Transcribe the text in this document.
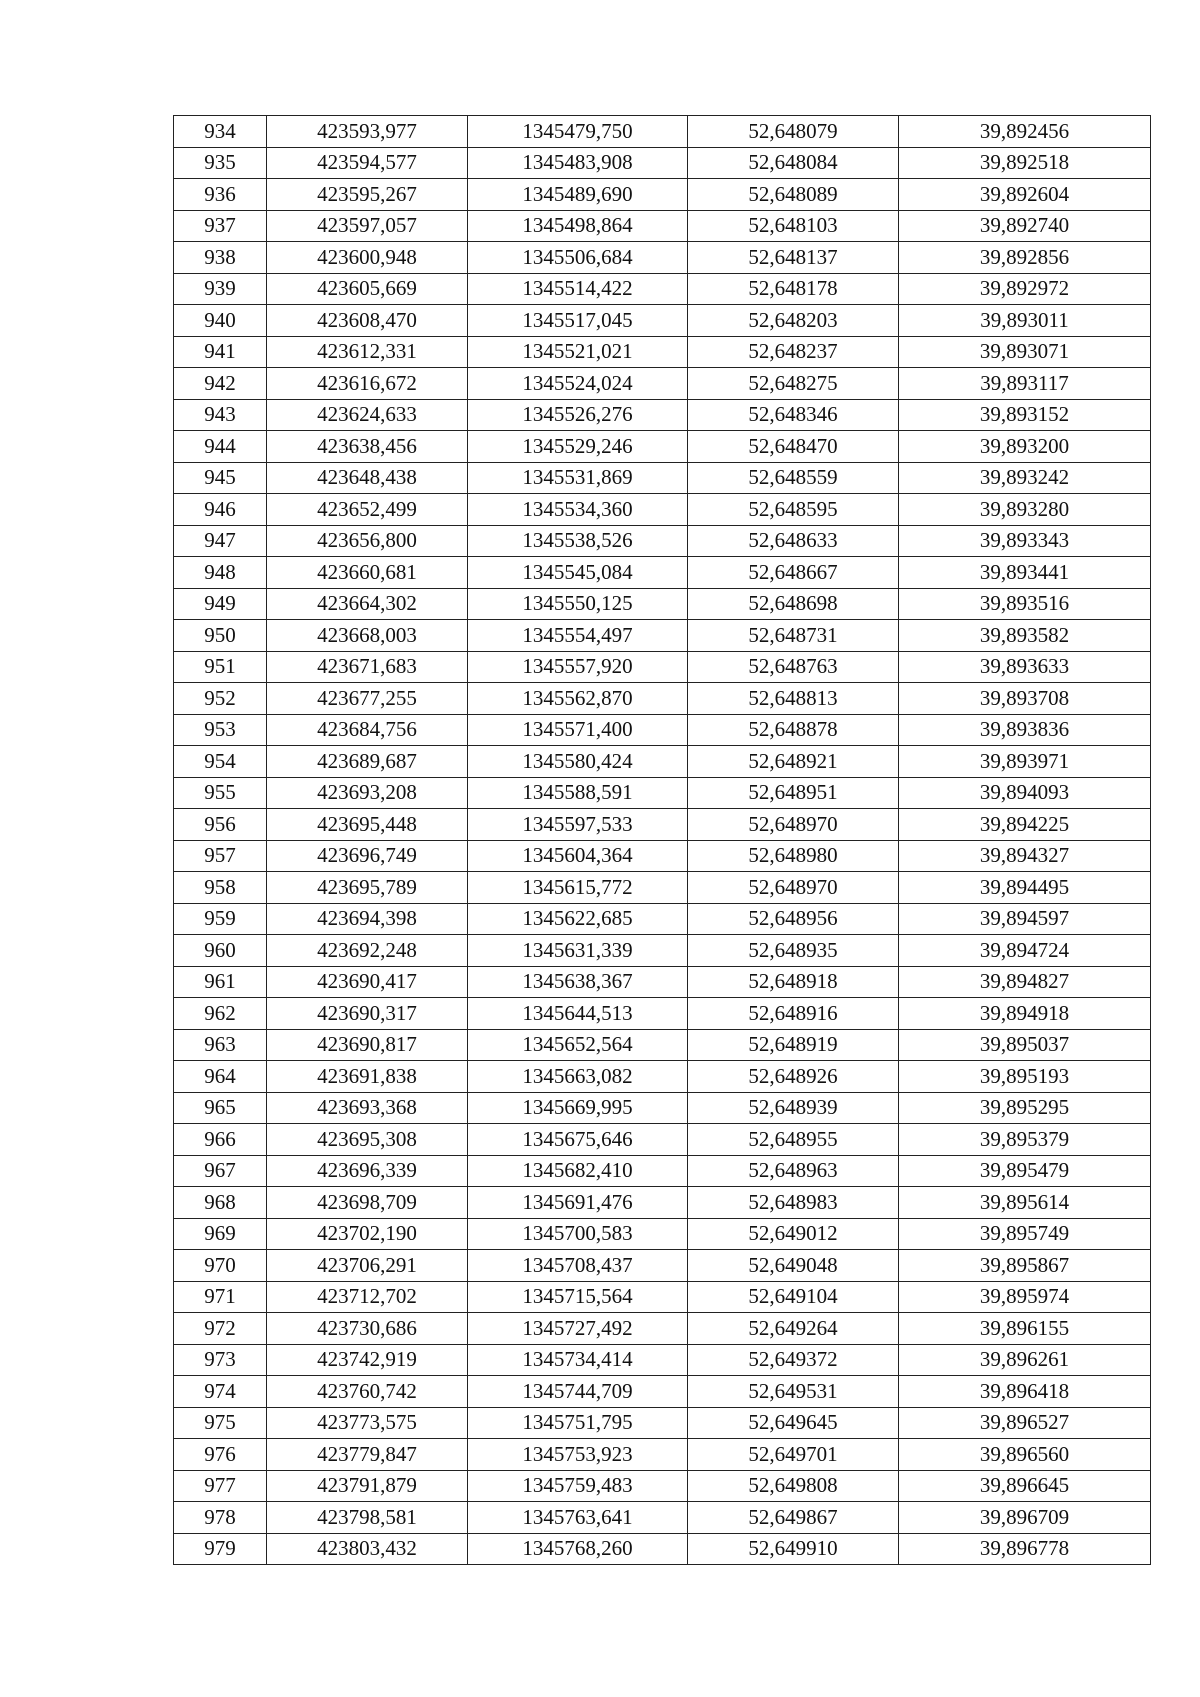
934	423593,977	1345479,750	52,648079	39,892456
935	423594,577	1345483,908	52,648084	39,892518
936	423595,267	1345489,690	52,648089	39,892604
937	423597,057	1345498,864	52,648103	39,892740
938	423600,948	1345506,684	52,648137	39,892856
939	423605,669	1345514,422	52,648178	39,892972
940	423608,470	1345517,045	52,648203	39,893011
941	423612,331	1345521,021	52,648237	39,893071
942	423616,672	1345524,024	52,648275	39,893117
943	423624,633	1345526,276	52,648346	39,893152
944	423638,456	1345529,246	52,648470	39,893200
945	423648,438	1345531,869	52,648559	39,893242
946	423652,499	1345534,360	52,648595	39,893280
947	423656,800	1345538,526	52,648633	39,893343
948	423660,681	1345545,084	52,648667	39,893441
949	423664,302	1345550,125	52,648698	39,893516
950	423668,003	1345554,497	52,648731	39,893582
951	423671,683	1345557,920	52,648763	39,893633
952	423677,255	1345562,870	52,648813	39,893708
953	423684,756	1345571,400	52,648878	39,893836
954	423689,687	1345580,424	52,648921	39,893971
955	423693,208	1345588,591	52,648951	39,894093
956	423695,448	1345597,533	52,648970	39,894225
957	423696,749	1345604,364	52,648980	39,894327
958	423695,789	1345615,772	52,648970	39,894495
959	423694,398	1345622,685	52,648956	39,894597
960	423692,248	1345631,339	52,648935	39,894724
961	423690,417	1345638,367	52,648918	39,894827
962	423690,317	1345644,513	52,648916	39,894918
963	423690,817	1345652,564	52,648919	39,895037
964	423691,838	1345663,082	52,648926	39,895193
965	423693,368	1345669,995	52,648939	39,895295
966	423695,308	1345675,646	52,648955	39,895379
967	423696,339	1345682,410	52,648963	39,895479
968	423698,709	1345691,476	52,648983	39,895614
969	423702,190	1345700,583	52,649012	39,895749
970	423706,291	1345708,437	52,649048	39,895867
971	423712,702	1345715,564	52,649104	39,895974
972	423730,686	1345727,492	52,649264	39,896155
973	423742,919	1345734,414	52,649372	39,896261
974	423760,742	1345744,709	52,649531	39,896418
975	423773,575	1345751,795	52,649645	39,896527
976	423779,847	1345753,923	52,649701	39,896560
977	423791,879	1345759,483	52,649808	39,896645
978	423798,581	1345763,641	52,649867	39,896709
979	423803,432	1345768,260	52,649910	39,896778
